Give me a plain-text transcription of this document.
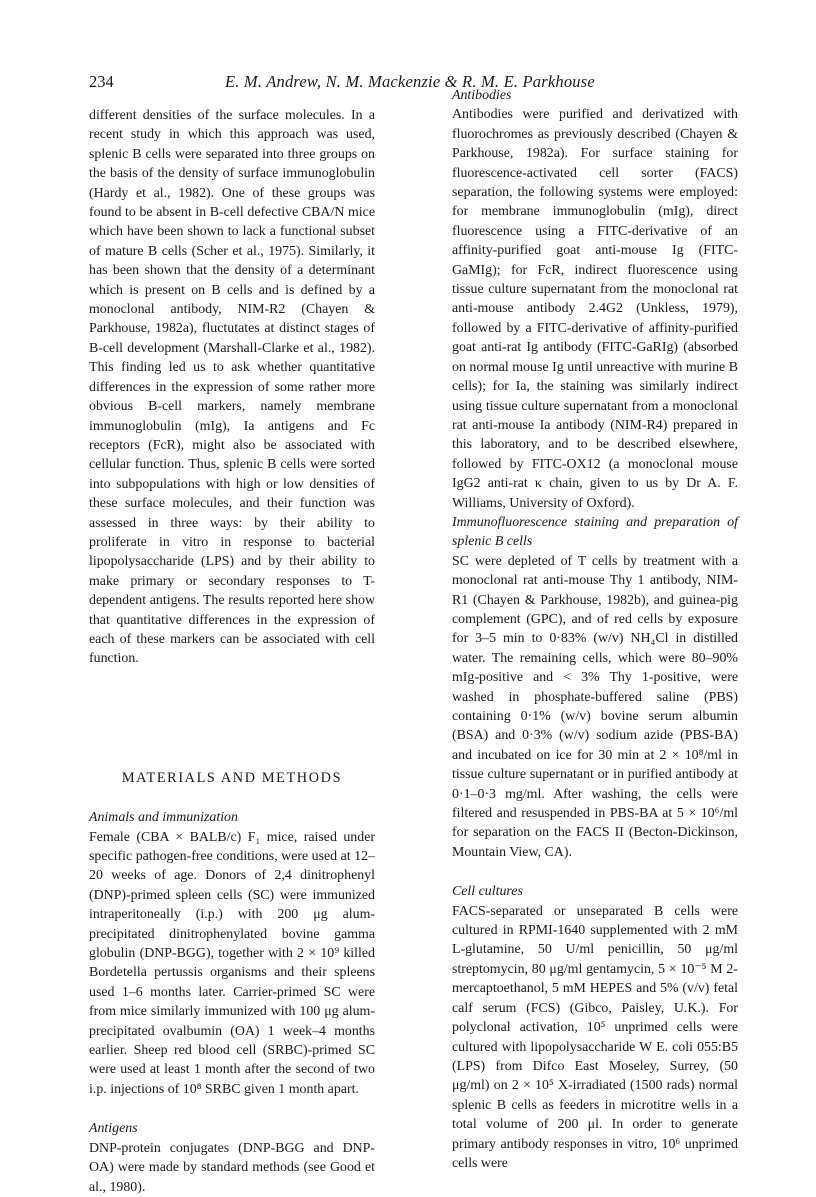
234	E. M. Andrew, N. M. Mackenzie & R. M. E. Parkhouse

different densities of the surface molecules. In a recent study in which this approach was used, splenic B cells were separated into three groups on the basis of the density of surface immunoglobulin (Hardy et al., 1982). One of these groups was found to be absent in B-cell defective CBA/N mice which have been shown to lack a functional subset of mature B cells (Scher et al., 1975). Similarly, it has been shown that the density of a determinant which is present on B cells and is defined by a monoclonal antibody, NIM-R2 (Chayen & Parkhouse, 1982a), fluctutates at distinct stages of B-cell development (Marshall-Clarke et al., 1982). This finding led us to ask whether quantitative differences in the expression of some rather more obvious B-cell markers, namely membrane immunoglobulin (mIg), Ia antigens and Fc receptors (FcR), might also be associated with cellular function. Thus, splenic B cells were sorted into subpopulations with high or low densities of these surface molecules, and their function was assessed in three ways: by their ability to proliferate in vitro in response to bacterial lipopolysaccharide (LPS) and by their ability to make primary or secondary responses to T-dependent antigens. The results reported here show that quantitative differences in the expression of each of these markers can be associated with cell function.

MATERIALS AND METHODS

Animals and immunization

Female (CBA × BALB/c) F₁ mice, raised under specific pathogen-free conditions, were used at 12–20 weeks of age. Donors of 2,4 dinitrophenyl (DNP)-primed spleen cells (SC) were immunized intraperitoneally (i.p.) with 200 μg alum-precipitated dinitrophenylated bovine gamma globulin (DNP-BGG), together with 2 × 10⁹ killed Bordetella pertussis organisms and their spleens used 1–6 months later. Carrier-primed SC were from mice similarly immunized with 100 μg alum-precipitated ovalbumin (OA) 1 week–4 months earlier. Sheep red blood cell (SRBC)-primed SC were used at least 1 month after the second of two i.p. injections of 10⁸ SRBC given 1 month apart.

Antigens

DNP-protein conjugates (DNP-BGG and DNP-OA) were made by standard methods (see Good et al., 1980).

Antibodies

Antibodies were purified and derivatized with fluorochromes as previously described (Chayen & Parkhouse, 1982a). For surface staining for fluorescence-activated cell sorter (FACS) separation, the following systems were employed: for membrane immunoglobulin (mIg), direct fluorescence using a FITC-derivative of an affinity-purified goat anti-mouse Ig (FITC-GaMIg); for FcR, indirect fluorescence using tissue culture supernatant from the monoclonal rat anti-mouse antibody 2.4G2 (Unkless, 1979), followed by a FITC-derivative of affinity-purified goat anti-rat Ig antibody (FITC-GaRIg) (absorbed on normal mouse Ig until unreactive with murine B cells); for Ia, the staining was similarly indirect using tissue culture supernatant from a monoclonal rat anti-mouse Ia antibody (NIM-R4) prepared in this laboratory, and to be described elsewhere, followed by FITC-OX12 (a monoclonal mouse IgG2 anti-rat κ chain, given to us by Dr A. F. Williams, University of Oxford).

Immunofluorescence staining and preparation of splenic B cells

SC were depleted of T cells by treatment with a monoclonal rat anti-mouse Thy 1 antibody, NIM-R1 (Chayen & Parkhouse, 1982b), and guinea-pig complement (GPC), and of red cells by exposure for 3–5 min to 0·83% (w/v) NH₄Cl in distilled water. The remaining cells, which were 80–90% mIg-positive and < 3% Thy 1-positive, were washed in phosphate-buffered saline (PBS) containing 0·1% (w/v) bovine serum albumin (BSA) and 0·3% (w/v) sodium azide (PBS-BA) and incubated on ice for 30 min at 2 × 10⁸/ml in tissue culture supernatant or in purified antibody at 0·1–0·3 mg/ml. After washing, the cells were filtered and resuspended in PBS-BA at 5 × 10⁶/ml for separation on the FACS II (Becton-Dickinson, Mountain View, CA).

Cell cultures

FACS-separated or unseparated B cells were cultured in RPMI-1640 supplemented with 2 mM L-glutamine, 50 U/ml penicillin, 50 μg/ml streptomycin, 80 μg/ml gentamycin, 5 × 10⁻⁵ M 2-mercaptoethanol, 5 mM HEPES and 5% (v/v) fetal calf serum (FCS) (Gibco, Paisley, U.K.). For polyclonal activation, 10⁵ unprimed cells were cultured with lipopolysaccharide W E. coli 055:B5 (LPS) from Difco East Moseley, Surrey, (50 μg/ml) on 2 × 10⁵ X-irradiated (1500 rads) normal splenic B cells as feeders in microtitre wells in a total volume of 200 μl. In order to generate primary antibody responses in vitro, 10⁶ unprimed cells were
